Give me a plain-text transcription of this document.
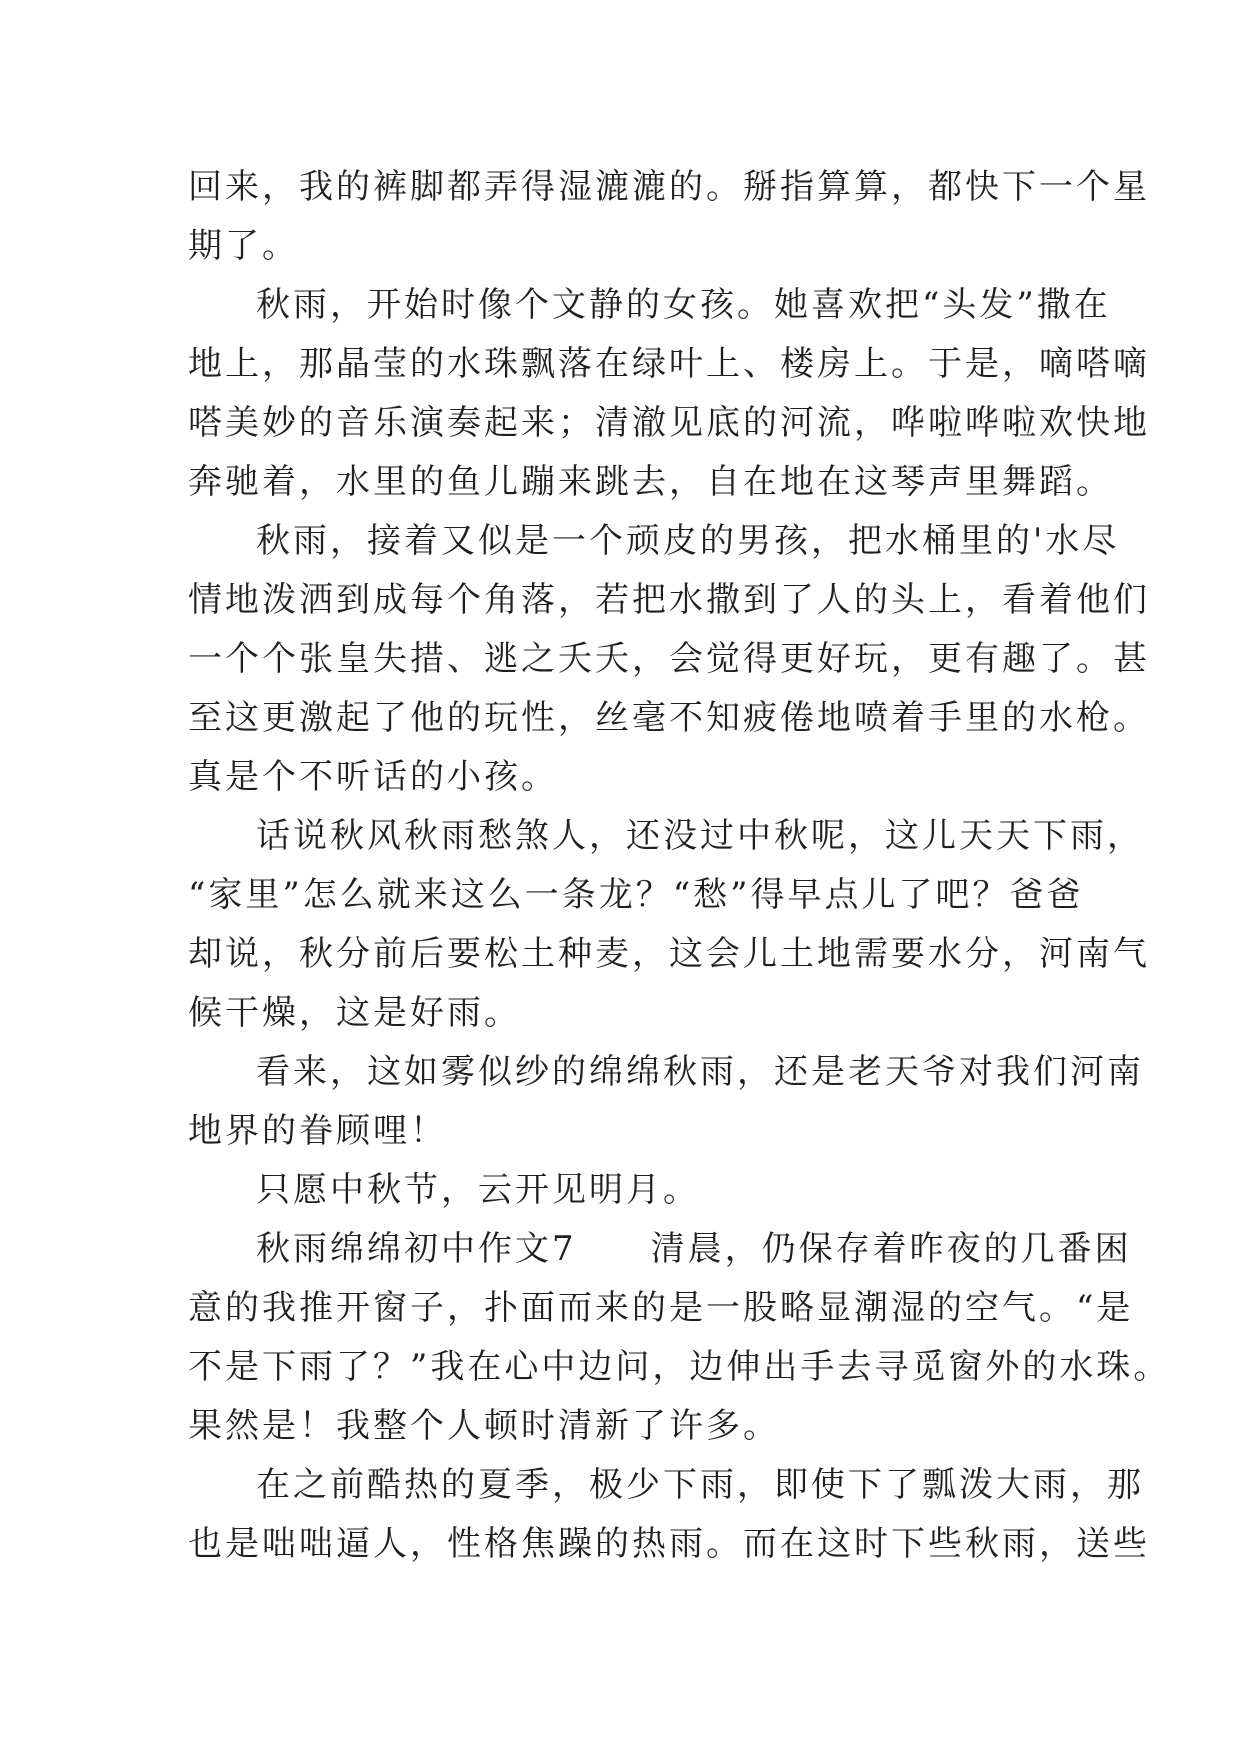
回来，我的裤脚都弄得湿漉漉的。掰指算算，都快下一个星
期了。
秋雨，开始时像个文静的女孩。她喜欢把“头发”撒在
地上，那晶莹的水珠飘落在绿叶上、楼房上。于是，嘀嗒嘀
嗒美妙的音乐演奏起来；清澈见底的河流，哗啦哗啦欢快地
奔驰着，水里的鱼儿蹦来跳去，自在地在这琴声里舞蹈。
秋雨，接着又似是一个顽皮的男孩，把水桶里的'水尽
情地泼洒到成每个角落，若把水撒到了人的头上，看着他们
一个个张皇失措、逃之夭夭，会觉得更好玩，更有趣了。甚
至这更激起了他的玩性，丝毫不知疲倦地喷着手里的水枪。
真是个不听话的小孩。
话说秋风秋雨愁煞人，还没过中秋呢，这儿天天下雨，
“家里”怎么就来这么一条龙？“愁”得早点儿了吧？爸爸
却说，秋分前后要松土种麦，这会儿土地需要水分，河南气
候干燥，这是好雨。
看来，这如雾似纱的绵绵秋雨，还是老天爷对我们河南
地界的眷顾哩！
只愿中秋节，云开见明月。
秋雨绵绵初中作文7　　清晨，仍保存着昨夜的几番困
意的我推开窗子，扑面而来的是一股略显潮湿的空气。“是
不是下雨了？”我在心中边问，边伸出手去寻觅窗外的水珠。
果然是！我整个人顿时清新了许多。
在之前酷热的夏季，极少下雨，即使下了瓢泼大雨，那
也是咄咄逼人，性格焦躁的热雨。而在这时下些秋雨，送些
